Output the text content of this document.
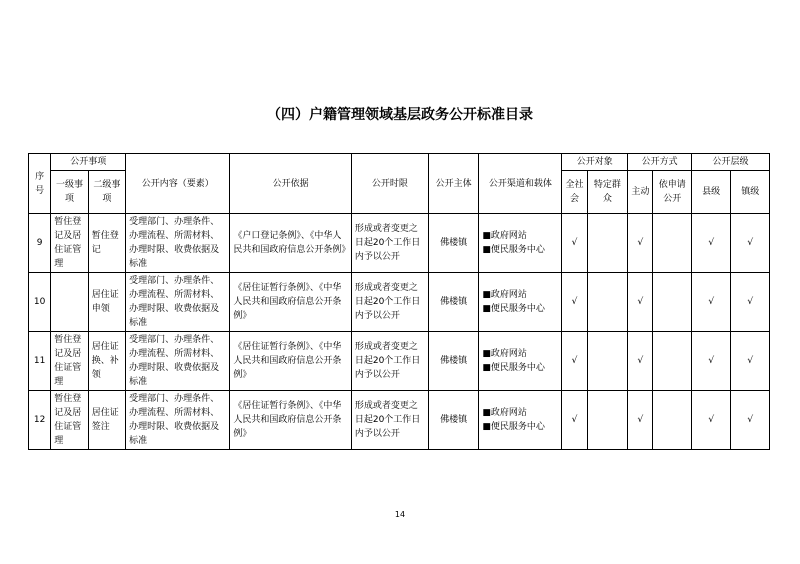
（四）户籍管理领域基层政务公开标准目录
序号	公开事项		公开内容（要素）	公开依据	公开时限	公开主体	公开渠道和载体	公开对象		公开方式		公开层级	
	一级事项	二级事项						全社会	特定群众	主动	依申请公开	县级	镇级
9	暂住登记及居住证管理	暂住登记	受理部门、办理条件、办理流程、所需材料、办理时限、收费依据及标准	《户口登记条例》、《中华人民共和国政府信息公开条例》	形成或者变更之日起20个工作日内予以公开	佛楼镇	■政府网站
■便民服务中心	√		√		√	√
10		居住证申领	受理部门、办理条件、办理流程、所需材料、办理时限、收费依据及标准	《居住证暂行条例》、《中华人民共和国政府信息公开条例》	形成或者变更之日起20个工作日内予以公开	佛楼镇	■政府网站
■便民服务中心	√		√		√	√
11	暂住登记及居住证管理	居住证换、补领	受理部门、办理条件、办理流程、所需材料、办理时限、收费依据及标准	《居住证暂行条例》、《中华人民共和国政府信息公开条例》	形成或者变更之日起20个工作日内予以公开	佛楼镇	■政府网站
■便民服务中心	√		√		√	√
12	暂住登记及居住证管理	居住证签注	受理部门、办理条件、办理流程、所需材料、办理时限、收费依据及标准	《居住证暂行条例》、《中华人民共和国政府信息公开条例》	形成或者变更之日起20个工作日内予以公开	佛楼镇	■政府网站
■便民服务中心	√		√		√	√
14
